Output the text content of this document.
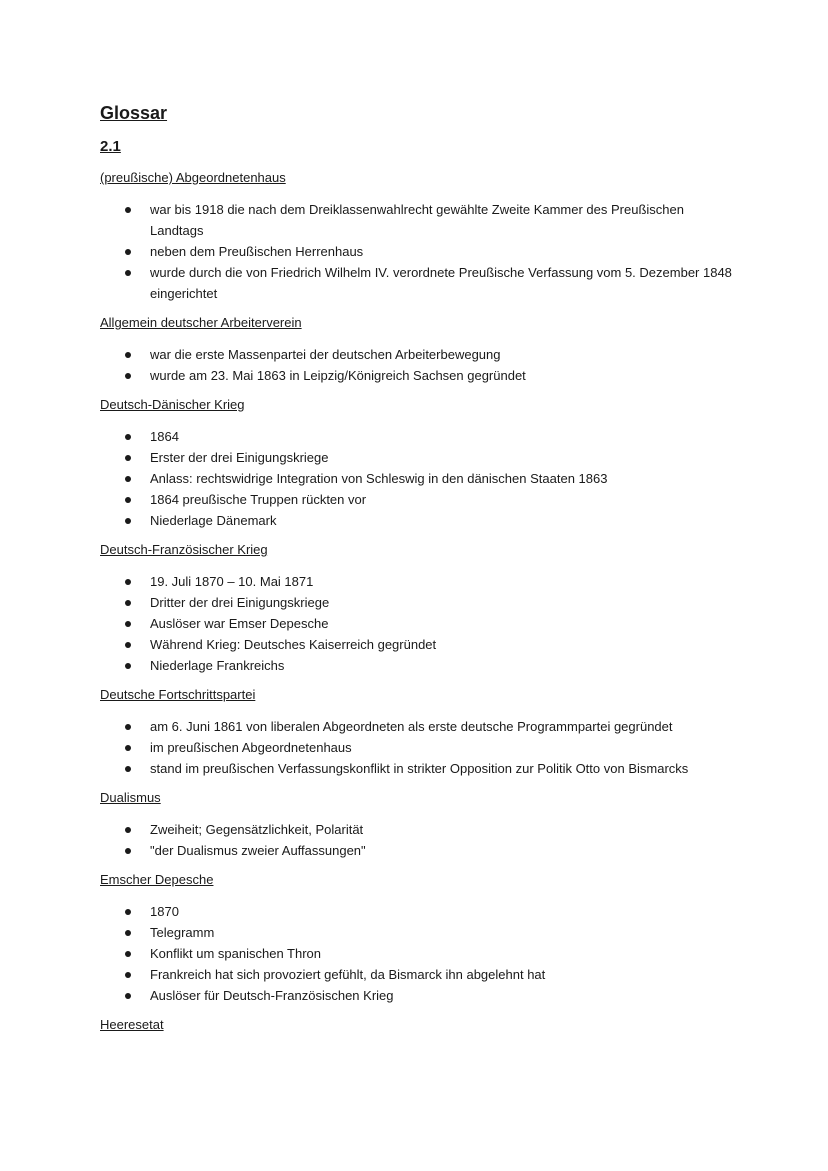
Glossar
2.1
(preußische) Abgeordnetenhaus
war bis 1918 die nach dem Dreiklassenwahlrecht gewählte Zweite Kammer des Preußischen Landtags
neben dem Preußischen Herrenhaus
wurde durch die von Friedrich Wilhelm IV. verordnete Preußische Verfassung vom 5. Dezember 1848 eingerichtet
Allgemein deutscher Arbeiterverein
war die erste Massenpartei der deutschen Arbeiterbewegung
wurde am 23. Mai 1863 in Leipzig/Königreich Sachsen gegründet
Deutsch-Dänischer Krieg
1864
Erster der drei Einigungskriege
Anlass: rechtswidrige Integration von Schleswig in den dänischen Staaten 1863
1864 preußische Truppen rückten vor
Niederlage Dänemark
Deutsch-Französischer Krieg
19. Juli 1870 – 10. Mai 1871
Dritter der drei Einigungskriege
Auslöser war Emser Depesche
Während Krieg: Deutsches Kaiserreich gegründet
Niederlage Frankreichs
Deutsche Fortschrittspartei
am 6. Juni 1861 von liberalen Abgeordneten als erste deutsche Programmpartei gegründet
im preußischen Abgeordnetenhaus
stand im preußischen Verfassungskonflikt in strikter Opposition zur Politik Otto von Bismarcks
Dualismus
Zweiheit; Gegensätzlichkeit, Polarität
"der Dualismus zweier Auffassungen"
Emscher Depesche
1870
Telegramm
Konflikt um spanischen Thron
Frankreich hat sich provoziert gefühlt, da Bismarck ihn abgelehnt hat
Auslöser für Deutsch-Französischen Krieg
Heeresetat
